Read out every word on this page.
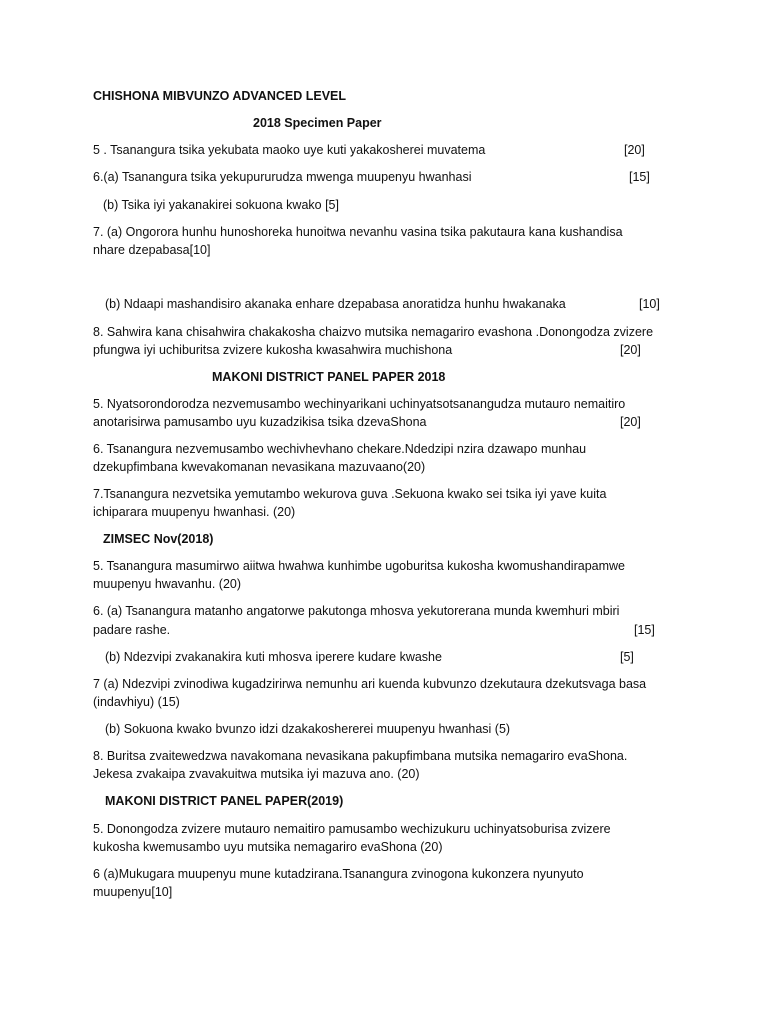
CHISHONA MIBVUNZO ADVANCED LEVEL
2018 Specimen Paper
5 . Tsanangura tsika yekubata maoko uye kuti yakakosherei muvatema	[20]
6.(a) Tsanangura tsika yekupururudza mwenga muupenyu hwanhasi	[15]
(b) Tsika iyi yakanakirei sokuona kwako [5]
7. (a) Ongorora hunhu hunoshoreka hunoitwa nevanhu vasina tsika pakutaura kana kushandisa
nhare dzepabasa[10]
(b) Ndaapi mashandisiro akanaka enhare dzepabasa anoratidza hunhu hwakanaka	[10]
8. Sahwira kana chisahwira chakakosha chaizvo mutsika nemagariro evashona .Donongodza zvizere
pfungwa iyi uchiburitsa zvizere kukosha kwasahwira muchishona	[20]
MAKONI DISTRICT PANEL PAPER 2018
5. Nyatsorondorodza nezvemusambo wechinyarikani uchinyatsotsanangudza mutauro nemaitiro
anotarisirwa pamusambo uyu kuzadzikisa tsika dzevaShona	[20]
6. Tsanangura nezvemusambo wechivhevhano chekare.Ndedzipi nzira dzawapo munhau
dzekupfimbana kwevakomanan nevasikana mazuvaano(20)
7.Tsanangura nezvetsika yemutambo wekurova guva .Sekuona kwako sei tsika iyi yave kuita
ichiparara muupenyu hwanhasi. (20)
ZIMSEC Nov(2018)
5. Tsanangura masumirwo aiitwa hwahwa kunhimbe ugoburitsa kukosha kwomushandirapamwe
muupenyu hwavanhu. (20)
6. (a) Tsanangura matanho angatorwe pakutonga mhosva yekutorerana munda kwemhuri mbiri
padare rashe.	[15]
(b) Ndezvipi zvakanakira kuti mhosva iperere kudare kwashe	[5]
7 (a) Ndezvipi zvinodiwa kugadzirirwa nemunhu ari kuenda kubvunzo dzekutaura dzekutsvaga basa
(indavhiyu) (15)
(b) Sokuona kwako bvunzo idzi dzakakosherere​i muupenyu hwanhasi (5)
8. Buritsa zvaitewedzwa navakomana nevasikana pakupfimbana mutsika nemagariro evaShona.
Jekesa zvakaipa zvavakuitwa mutsika iyi mazuva ano. (20)
MAKONI DISTRICT PANEL PAPER(2019)
5. Donongodza zvizere mutauro nemaitiro pamusambo wechizukuru uchinyatsoburisa zvizere
kukosha kwemusambo uyu mutsika nemagariro evaShona (20)
6 (a)Mukugara muupenyu mune kutadzirana.Tsanangura zvinogona kukonzera nyunyuto
muupenyu[10]
